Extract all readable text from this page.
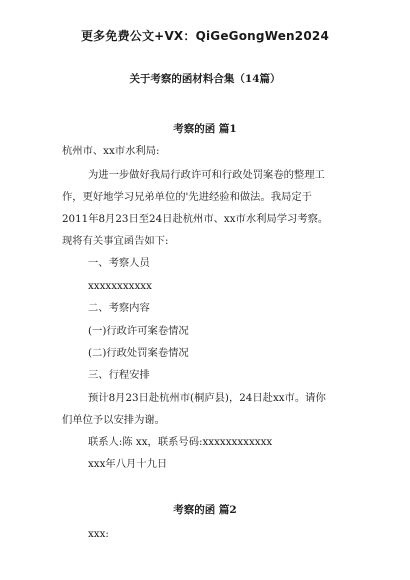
更多免费公文+VX：QiGeGongWen2024
关于考察的函材料合集（14篇）
考察的函 篇1
杭州市、xx市水利局:
为进一步做好我局行政许可和行政处罚案卷的整理工
作，更好地学习兄弟单位的'先进经验和做法。我局定于
2011年8月23日至24日赴杭州市、xx市水利局学习考察。
现将有关事宜函告如下:
一、考察人员
xxxxxxxxxxx
二、考察内容
(一)行政许可案卷情况
(二)行政处罚案卷情况
三、行程安排
预计8月23日赴杭州市(桐庐县)，24日赴xx市。请你
们单位予以安排为谢。
联系人:陈 xx，联系号码:xxxxxxxxxxxx
xxx年八月十九日
考察的函 篇2
xxx:
